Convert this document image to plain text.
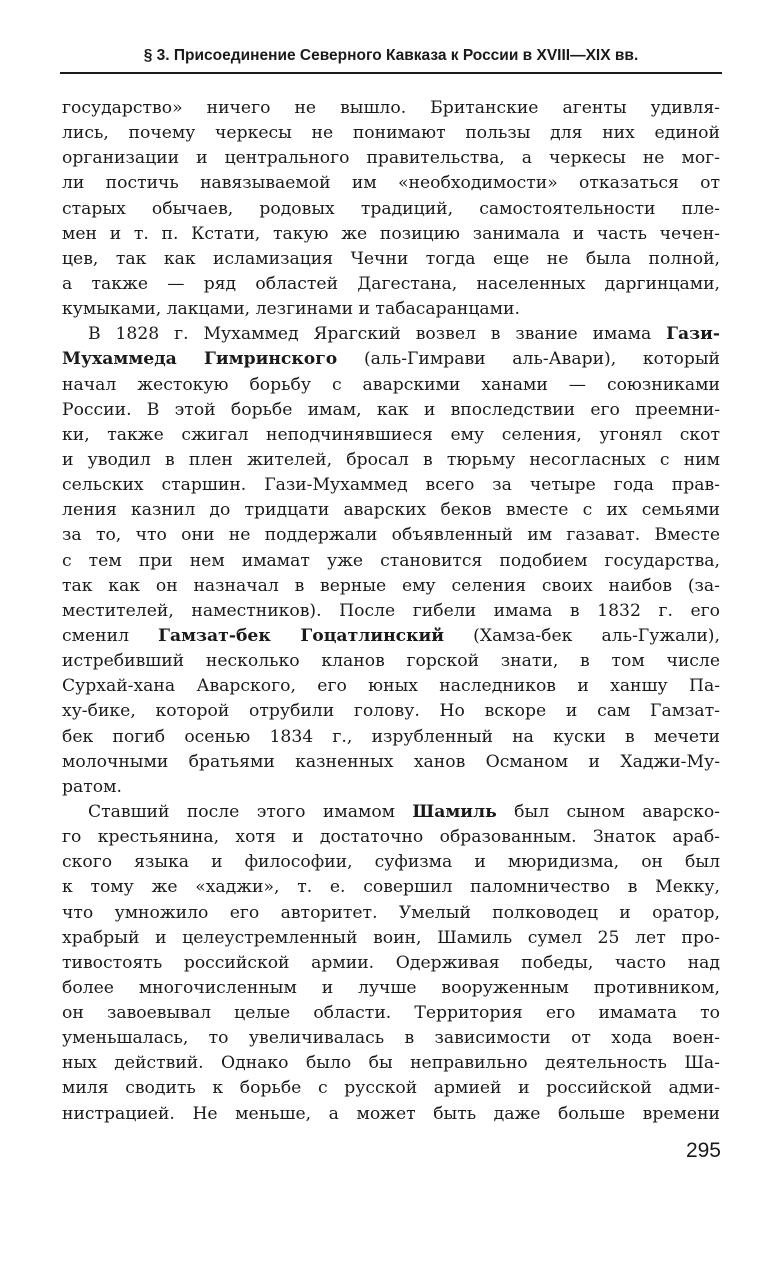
§ 3. Присоединение Северного Кавказа к России в XVIII—XIX вв.
государство» ничего не вышло. Британские агенты удивля-
лись, почему черкесы не понимают пользы для них единой
организации и центрального правительства, а черкесы не мог-
ли постичь навязываемой им «необходимости» отказаться от
старых обычаев, родовых традиций, самостоятельности пле-
мен и т. п. Кстати, такую же позицию занимала и часть чечен-
цев, так как исламизация Чечни тогда еще не была полной,
а также — ряд областей Дагестана, населенных даргинцами,
кумыками, лакцами, лезгинами и табасаранцами.
В 1828 г. Мухаммед Ярагский возвел в звание имама Гази-
Мухаммеда Гимринского (аль-Гимрави аль-Авари), который
начал жестокую борьбу с аварскими ханами — союзниками
России. В этой борьбе имам, как и впоследствии его преемни-
ки, также сжигал неподчинявшиеся ему селения, угонял скот
и уводил в плен жителей, бросал в тюрьму несогласных с ним
сельских старшин. Гази-Мухаммед всего за четыре года прав-
ления казнил до тридцати аварских беков вместе с их семьями
за то, что они не поддержали объявленный им газават. Вместе
с тем при нем имамат уже становится подобием государства,
так как он назначал в верные ему селения своих наибов (за-
местителей, наместников). После гибели имама в 1832 г. его
сменил Гамзат-бек Гоцатлинский (Хамза-бек аль-Гужали),
истребивший несколько кланов горской знати, в том числе
Сурхай-хана Аварского, его юных наследников и ханшу Па-
ху-бике, которой отрубили голову. Но вскоре и сам Гамзат-
бек погиб осенью 1834 г., изрубленный на куски в мечети
молочными братьями казненных ханов Османом и Хаджи-Му-
ратом.
Ставший после этого имамом Шамиль был сыном аварско-
го крестьянина, хотя и достаточно образованным. Знаток араб-
ского языка и философии, суфизма и мюридизма, он был
к тому же «хаджи», т. е. совершил паломничество в Мекку,
что умножило его авторитет. Умелый полководец и оратор,
храбрый и целеустремленный воин, Шамиль сумел 25 лет про-
тивостоять российской армии. Одерживая победы, часто над
более многочисленным и лучше вооруженным противником,
он завоевывал целые области. Территория его имамата то
уменьшалась, то увеличивалась в зависимости от хода воен-
ных действий. Однако было бы неправильно деятельность Ша-
миля сводить к борьбе с русской армией и российской адми-
нистрацией. Не меньше, а может быть даже больше времени
295
